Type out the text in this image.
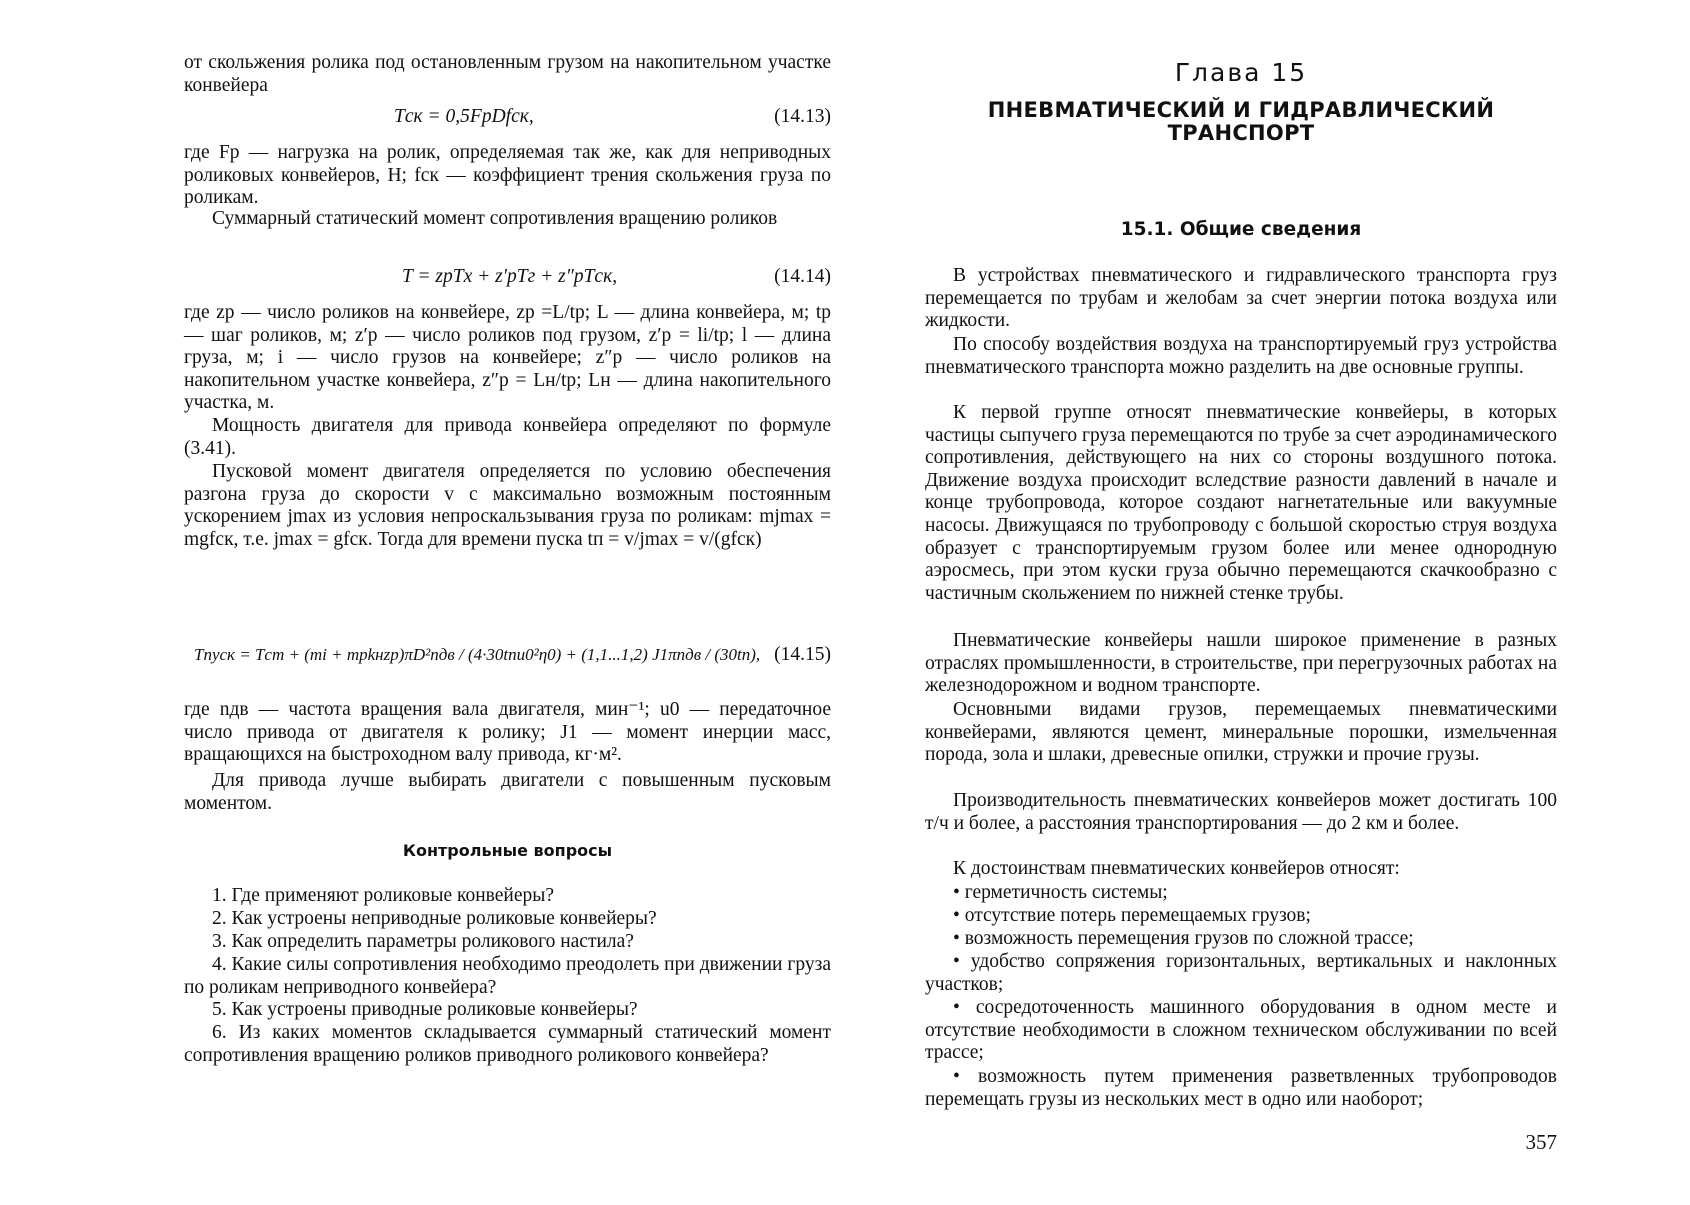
от скольжения ролика под остановленным грузом на накопительном участке конвейера
Tск = 0,5FpDfск,	(14.13)
где Fp — нагрузка на ролик, определяемая так же, как для неприводных роликовых конвейеров, Н; fск — коэффициент трения скольжения груза по роликам.
Суммарный статический момент сопротивления вращению роликов
T = zpTx + z′pTг + z″pTск,	(14.14)
где zp — число роликов на конвейере, zp =L/tp; L — длина конвейера, м; tp — шаг роликов, м; z′p — число роликов под грузом, z′p = li/tp; l — длина груза, м; i — число грузов на конвейере; z″p — число роликов на накопительном участке конвейера, z″p = Lн/tp; Lн — длина накопительного участка, м.
Мощность двигателя для привода конвейера определяют по формуле (3.41).
Пусковой момент двигателя определяется по условию обеспечения разгона груза до скорости v с максимально возможным постоянным ускорением jmax из условия непроскальзывания груза по роликам: mjmax = mgfск, т.е. jmax = gfск. Тогда для времени пуска tп = v/jmax = v/(gfск)
Tпуск = Tст + (mi + mpkнzp)πD²nдв / (4·30tпu0²η0) + (1,1...1,2) J1πnдв / (30tп), (14.15)
где nдв — частота вращения вала двигателя, мин⁻¹; u0 — передаточное число привода от двигателя к ролику; J1 — момент инерции масс, вращающихся на быстроходном валу привода, кг·м².
Для привода лучше выбирать двигатели с повышенным пусковым моментом.
Контрольные вопросы
1. Где применяют роликовые конвейеры?
2. Как устроены неприводные роликовые конвейеры?
3. Как определить параметры роликового настила?
4. Какие силы сопротивления необходимо преодолеть при движении груза по роликам неприводного конвейера?
5. Как устроены приводные роликовые конвейеры?
6. Из каких моментов складывается суммарный статический момент сопротивления вращению роликов приводного роликового конвейера?
Глава 15
ПНЕВМАТИЧЕСКИЙ И ГИДРАВЛИЧЕСКИЙ ТРАНСПОРТ
15.1. Общие сведения
В устройствах пневматического и гидравлического транспорта груз перемещается по трубам и желобам за счет энергии потока воздуха или жидкости.
По способу воздействия воздуха на транспортируемый груз устройства пневматического транспорта можно разделить на две основные группы.
К первой группе относят пневматические конвейеры, в которых частицы сыпучего груза перемещаются по трубе за счет аэродинамического сопротивления, действующего на них со стороны воздушного потока. Движение воздуха происходит вследствие разности давлений в начале и конце трубопровода, которое создают нагнетательные или вакуумные насосы. Движущаяся по трубопроводу с большой скоростью струя воздуха образует с транспортируемым грузом более или менее однородную аэросмесь, при этом куски груза обычно перемещаются скачкообразно с частичным скольжением по нижней стенке трубы.
Пневматические конвейеры нашли широкое применение в разных отраслях промышленности, в строительстве, при перегрузочных работах на железнодорожном и водном транспорте.
Основными видами грузов, перемещаемых пневматическими конвейерами, являются цемент, минеральные порошки, измельченная порода, зола и шлаки, древесные опилки, стружки и прочие грузы.
Производительность пневматических конвейеров может достигать 100 т/ч и более, а расстояния транспортирования — до 2 км и более.
К достоинствам пневматических конвейеров относят:
• герметичность системы;
• отсутствие потерь перемещаемых грузов;
• возможность перемещения грузов по сложной трассе;
• удобство сопряжения горизонтальных, вертикальных и наклонных участков;
• сосредоточенность машинного оборудования в одном месте и отсутствие необходимости в сложном техническом обслуживании по всей трассе;
• возможность путем применения разветвленных трубопроводов перемещать грузы из нескольких мест в одно или наоборот;
357
